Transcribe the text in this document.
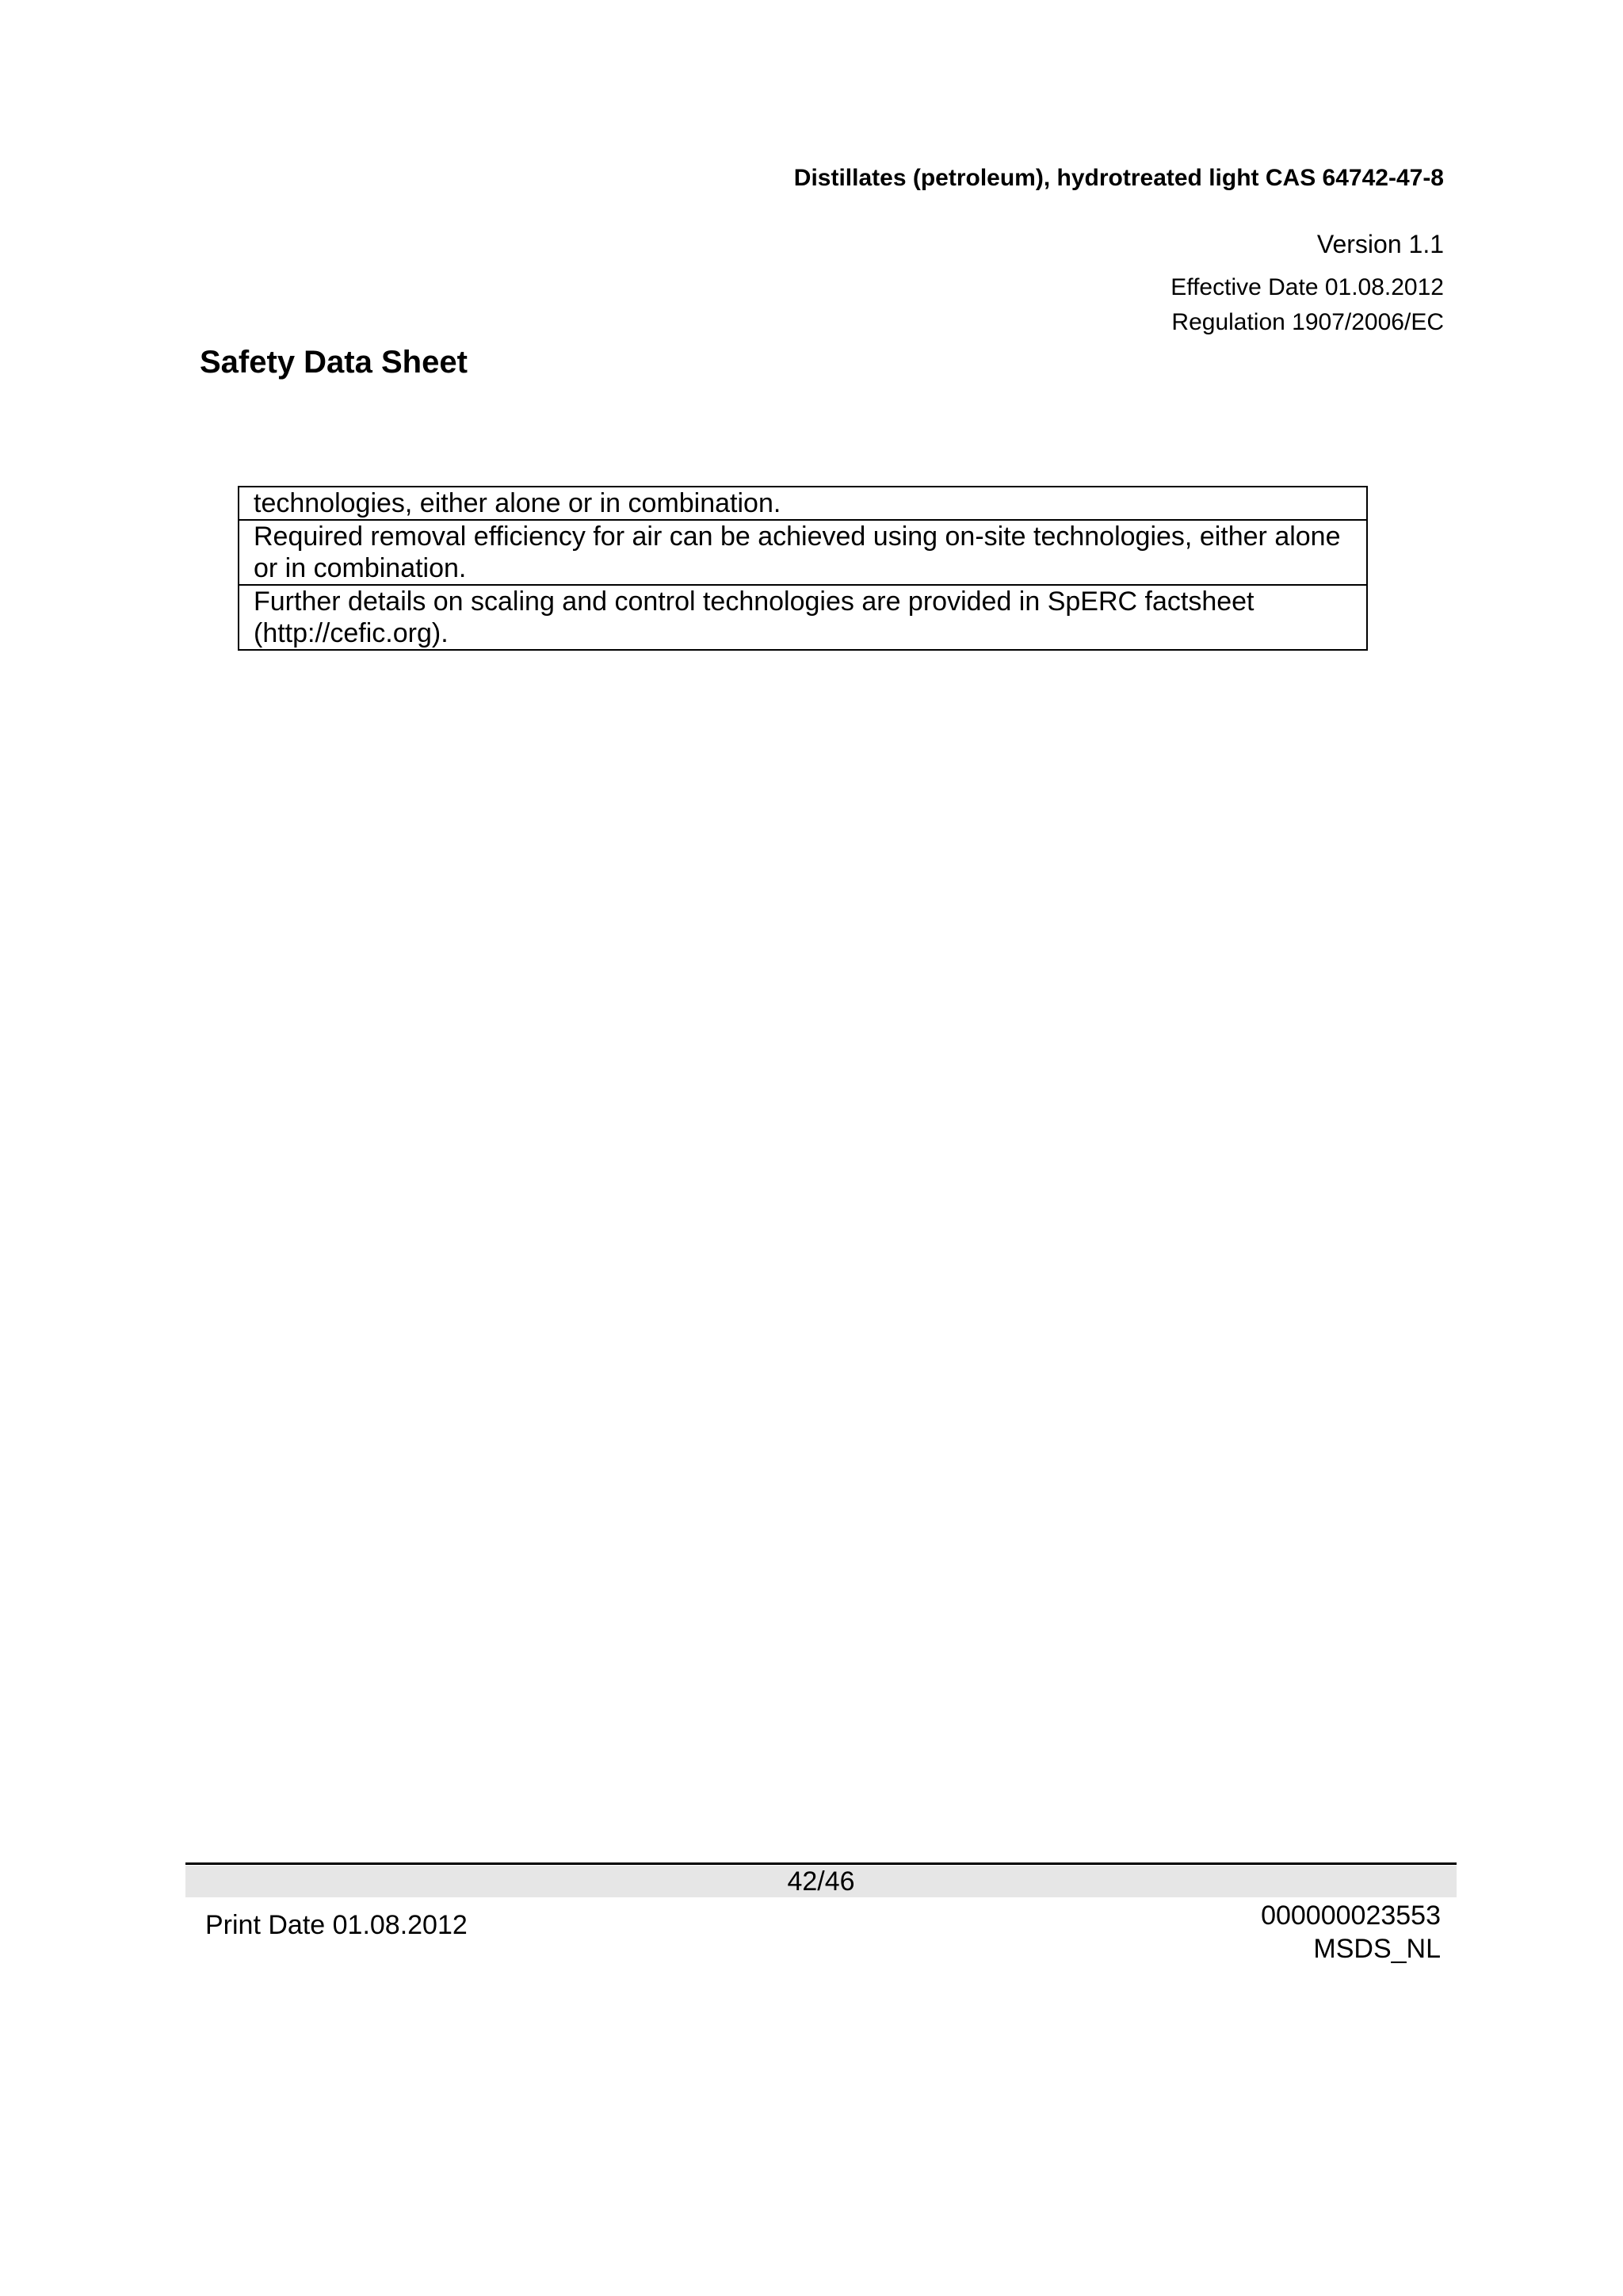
Distillates (petroleum), hydrotreated light CAS 64742-47-8
Version 1.1
Effective Date 01.08.2012
Regulation 1907/2006/EC
Safety Data Sheet
technologies, either alone or in combination.
Required removal efficiency for air can be achieved using on-site technologies, either alone or in combination.
Further details on scaling and control technologies are provided in SpERC factsheet (http://cefic.org).
42/46
Print Date 01.08.2012	000000023553
MSDS_NL
